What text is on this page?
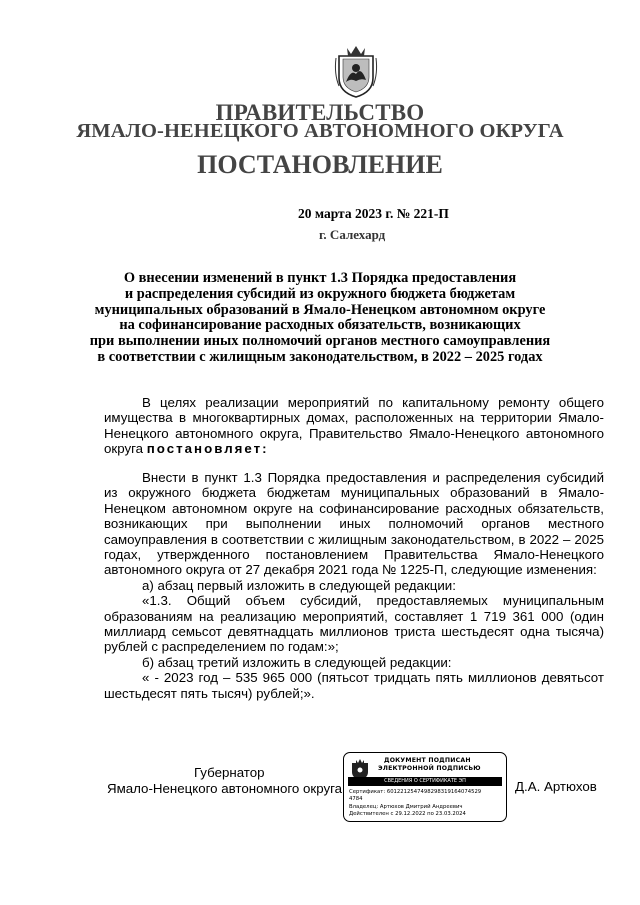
ПРАВИТЕЛЬСТВО
ЯМАЛО-НЕНЕЦКОГО АВТОНОМНОГО ОКРУГА
ПОСТАНОВЛЕНИЕ
20 марта 2023 г. № 221-П
г. Салехард
О внесении изменений в пункт 1.3 Порядка предоставления
и распределения субсидий из окружного бюджета бюджетам
муниципальных образований в Ямало-Ненецком автономном округе
на софинансирование расходных обязательств, возникающих
при выполнении иных полномочий органов местного самоуправления
в соответствии с жилищным законодательством, в 2022 – 2025 годах

В целях реализации мероприятий по капитальному ремонту общего имущества в многоквартирных домах, расположенных на территории Ямало-Ненецкого автономного округа, Правительство Ямало-Ненецкого автономного округа постановляет:

Внести в пункт 1.3 Порядка предоставления и распределения субсидий из окружного бюджета бюджетам муниципальных образований в Ямало-Ненецком автономном округе на софинансирование расходных обязательств, возникающих при выполнении иных полномочий органов местного самоуправления в соответствии с жилищным законодательством, в 2022 – 2025 годах, утвержденного постановлением Правительства Ямало-Ненецкого автономного округа от 27 декабря 2021 года № 1225-П, следующие изменения:

а) абзац первый изложить в следующей редакции:

«1.3. Общий объем субсидий, предоставляемых муниципальным образованиям на реализацию мероприятий, составляет 1 719 361 000 (один миллиард семьсот девятнадцать миллионов триста шестьдесят одна тысяча) рублей с распределением по годам:»;

б) абзац третий изложить в следующей редакции:

« - 2023 год – 535 965 000 (пятьсот тридцать пять миллионов девятьсот шестьдесят пять тысяч) рублей;».

Губернатор
Ямало-Ненецкого автономного округа	Д.А. Артюхов
ДОКУМЕНТ ПОДПИСАН
ЭЛЕКТРОННОЙ ПОДПИСЬЮ
СВЕДЕНИЯ О СЕРТИФИКАТЕ ЭП
Сертификат: 6012212547498298319164074529
4784
Владелец: Артюхов Дмитрий Андреевич
Действителен с 29.12.2022 по 23.03.2024
